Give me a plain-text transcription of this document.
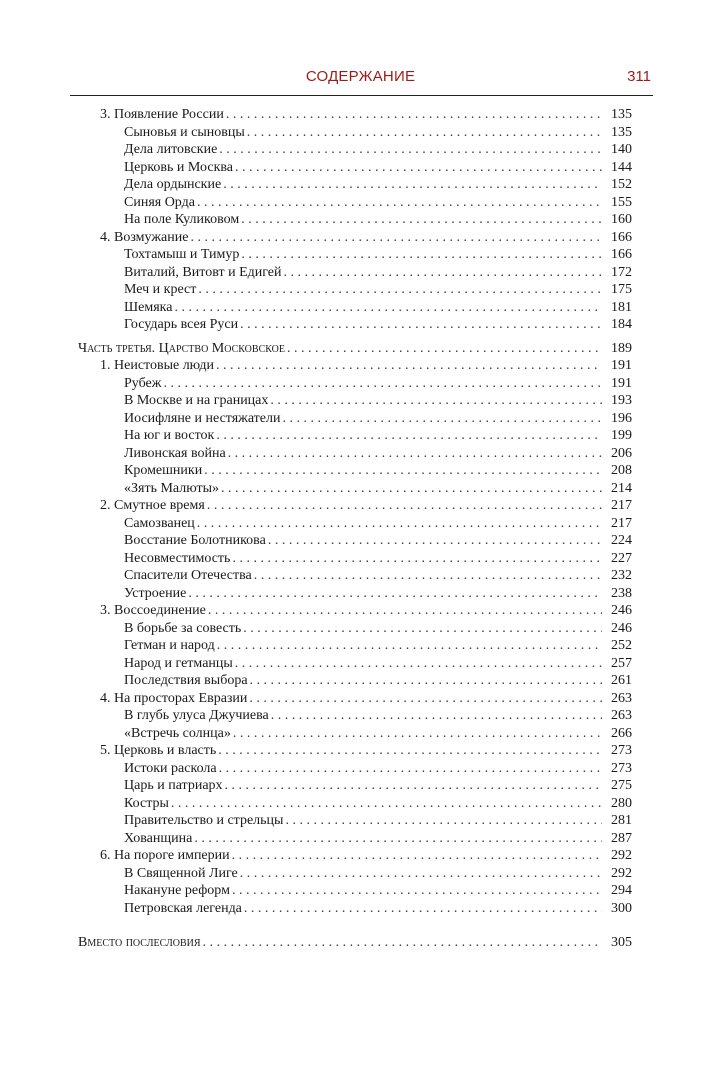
СОДЕРЖАНИЕ	311
3. Появление России . . .	135
Сыновья и сыновцы . . .	135
Дела литовские . . .	140
Церковь и Москва . . .	144
Дела ордынские . . .	152
Синяя Орда . . .	155
На поле Куликовом . . .	160
4. Возмужание . . .	166
Тохтамыш и Тимур . . .	166
Виталий, Витовт и Едигей . . .	172
Меч и крест . . .	175
Шемяка . . .	181
Государь всея Руси . . .	184
Часть третья. Царство Московское . . .	189
1. Неистовые люди . . .	191
Рубеж . . .	191
В Москве и на границах . . .	193
Иосифляне и нестяжатели . . .	196
На юг и восток . . .	199
Ливонская война . . .	206
Кромешники . . .	208
«Зять Малюты» . . .	214
2. Смутное время . . .	217
Самозванец . . .	217
Восстание Болотникова . . .	224
Несовместимость . . .	227
Спасители Отечества . . .	232
Устроение . . .	238
3. Воссоединение . . .	246
В борьбе за совесть . . .	246
Гетман и народ . . .	252
Народ и гетманцы . . .	257
Последствия выбора . . .	261
4. На просторах Евразии . . .	263
В глубь улуса Джучиева . . .	263
«Встречь солнца» . . .	266
5. Церковь и власть . . .	273
Истоки раскола . . .	273
Царь и патриарх . . .	275
Костры . . .	280
Правительство и стрельцы . . .	281
Хованщина . . .	287
6. На пороге империи . . .	292
В Священной Лиге . . .	292
Накануне реформ . . .	294
Петровская легенда . . .	300
Вместо послесловия . . .	305
